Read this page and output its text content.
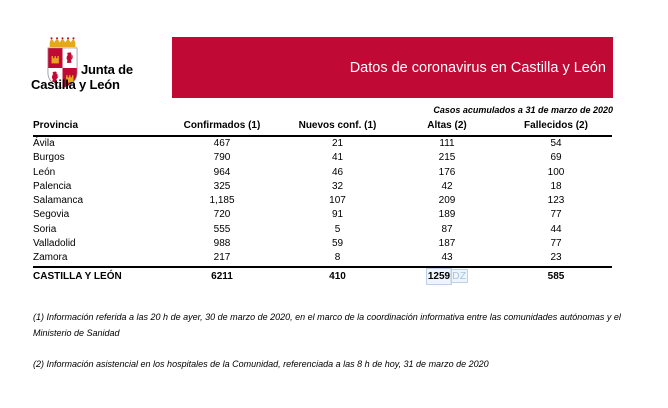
Junta de
Castilla y León
Datos de coronavirus en Castilla y León
Casos acumulados a 31 de marzo de 2020
Provincia	Confirmados (1)	Nuevos conf. (1)	Altas (2)	Fallecidos (2)
Ávila	467	21	111	54
Burgos	790	41	215	69
León	964	46	176	100
Palencia	325	32	42	18
Salamanca	1,185	107	209	123
Segovia	720	91	189	77
Soria	555	5	87	44
Valladolid	988	59	187	77
Zamora	217	8	43	23
CASTILLA Y LEÓN	6211	410	1259 DZ	585

(1) Información referida a las 20 h de ayer, 30 de marzo de 2020, en el marco de la coordinación informativa entre las comunidades autónomas y el Ministerio de Sanidad

(2) Información asistencial en los hospitales de la Comunidad, referenciada a las 8 h de hoy, 31 de marzo de 2020
